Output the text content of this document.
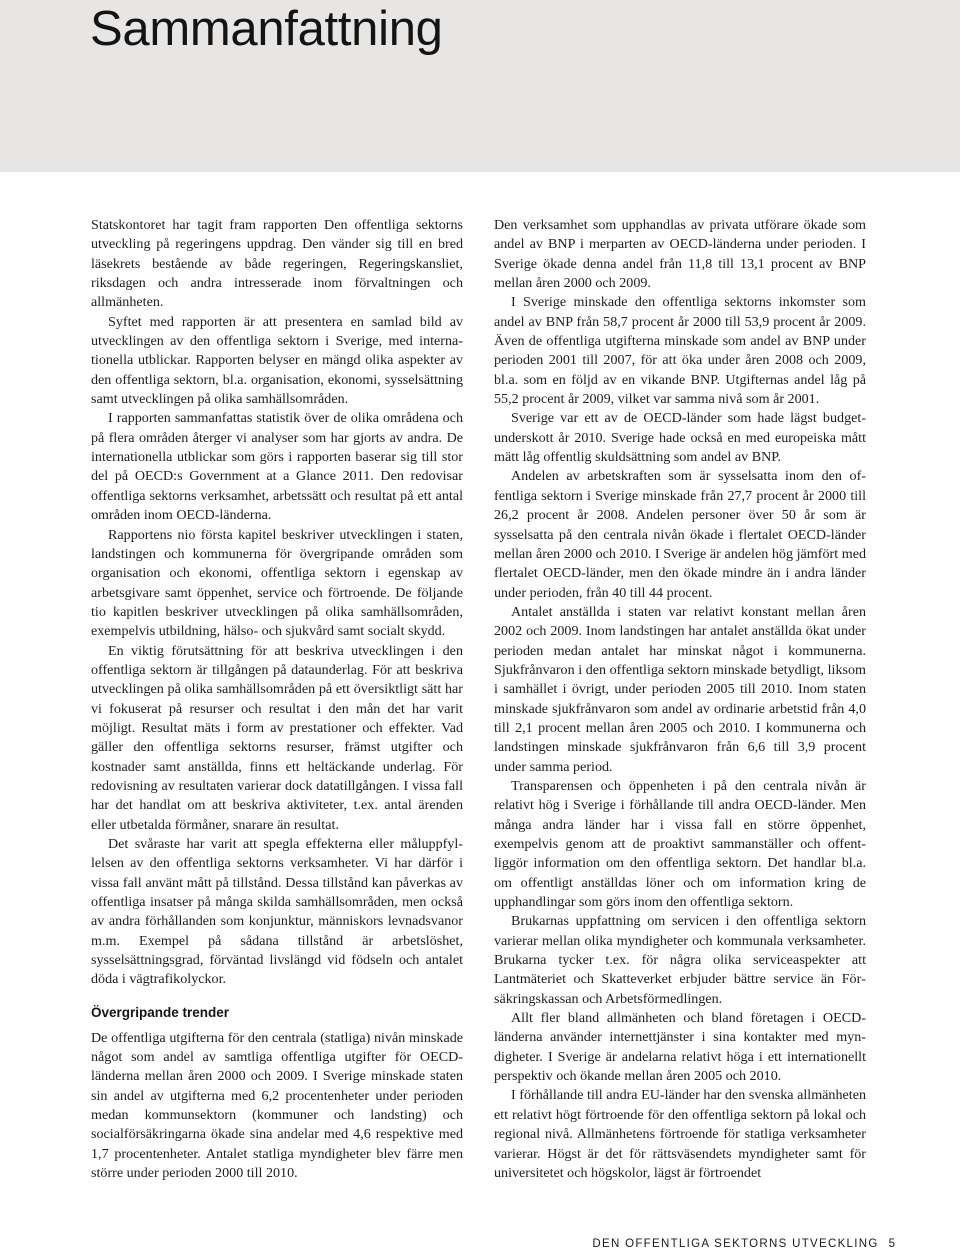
Sammanfattning

Statskontoret har tagit fram rapporten Den offentliga sektorns utveckling på regeringens uppdrag. Den vänder sig till en bred läsekrets bestående av både regeringen, Regeringskansliet, riksdagen och andra intresserade inom förvaltningen och allmänheten.

Syftet med rapporten är att presentera en samlad bild av utvecklingen av den offentliga sektorn i Sverige, med internationella utblickar. Rapporten belyser en mängd olika aspekter av den offentliga sektorn, bl.a. organisation, ekonomi, sysselsättning samt utvecklingen på olika samhällsområden.

I rapporten sammanfattas statistik över de olika områdena och på flera områden återger vi analyser som har gjorts av andra. De internationella utblickar som görs i rapporten baserar sig till stor del på OECD:s Government at a Glance 2011. Den redovisar offentliga sektorns verksamhet, arbetssätt och resultat på ett antal områden inom OECD-länderna.

Rapportens nio första kapitel beskriver utvecklingen i staten, landstingen och kommunerna för övergripande områden som organisation och ekonomi, offentliga sektorn i egenskap av arbetsgivare samt öppenhet, service och förtroende. De följande tio kapitlen beskriver utvecklingen på olika samhällsområden, exempelvis utbildning, hälso- och sjukvård samt socialt skydd.

En viktig förutsättning för att beskriva utvecklingen i den offentliga sektorn är tillgången på dataunderlag. För att beskriva utvecklingen på olika samhällsområden på ett översiktligt sätt har vi fokuserat på resurser och resultat i den mån det har varit möjligt. Resultat mäts i form av prestationer och effekter. Vad gäller den offentliga sektorns resurser, främst utgifter och kostnader samt anställda, finns ett heltäckande underlag. För redovisning av resultaten varierar dock datatillgången. I vissa fall har det handlat om att beskriva aktiviteter, t.ex. antal ärenden eller utbetalda förmåner, snarare än resultat.

Det svåraste har varit att spegla effekterna eller måluppfyllelsen av den offentliga sektorns verksamheter. Vi har därför i vissa fall använt mått på tillstånd. Dessa tillstånd kan påverkas av offentliga insatser på många skilda samhällsområden, men också av andra förhållanden som konjunktur, människors levnadsvanor m.m. Exempel på sådana tillstånd är arbetslöshet, sysselsättningsgrad, förväntad livslängd vid födseln och antalet döda i vägtrafikolyckor.

Övergripande trender

De offentliga utgifterna för den centrala (statliga) nivån minskade något som andel av samtliga offentliga utgifter för OECD-länderna mellan åren 2000 och 2009. I Sverige minskade staten sin andel av utgifterna med 6,2 procentenheter under perioden medan kommunsektorn (kommuner och landsting) och socialförsäkringarna ökade sina andelar med 4,6 respektive med 1,7 procentenheter. Antalet statliga myndigheter blev färre men större under perioden 2000 till 2010.

Den verksamhet som upphandlas av privata utförare ökade som andel av BNP i merparten av OECD-länderna under perioden. I Sverige ökade denna andel från 11,8 till 13,1 procent av BNP mellan åren 2000 och 2009.

I Sverige minskade den offentliga sektorns inkomster som andel av BNP från 58,7 procent år 2000 till 53,9 procent år 2009. Även de offentliga utgifterna minskade som andel av BNP under perioden 2001 till 2007, för att öka under åren 2008 och 2009, bl.a. som en följd av en vikande BNP. Utgifternas andel låg på 55,2 procent år 2009, vilket var samma nivå som år 2001.

Sverige var ett av de OECD-länder som hade lägst budgetunderskott år 2010. Sverige hade också en med europeiska mått mätt låg offentlig skuldsättning som andel av BNP.

Andelen av arbetskraften som är sysselsatta inom den offentliga sektorn i Sverige minskade från 27,7 procent år 2000 till 26,2 procent år 2008. Andelen personer över 50 år som är sysselsatta på den centrala nivån ökade i flertalet OECD-länder mellan åren 2000 och 2010. I Sverige är andelen hög jämfört med flertalet OECD-länder, men den ökade mindre än i andra länder under perioden, från 40 till 44 procent.

Antalet anställda i staten var relativt konstant mellan åren 2002 och 2009. Inom landstingen har antalet anställda ökat under perioden medan antalet har minskat något i kommunerna. Sjukfrånvaron i den offentliga sektorn minskade betydligt, liksom i samhället i övrigt, under perioden 2005 till 2010. Inom staten minskade sjukfrånvaron som andel av ordinarie arbetstid från 4,0 till 2,1 procent mellan åren 2005 och 2010. I kommunerna och landstingen minskade sjukfrånvaron från 6,6 till 3,9 procent under samma period.

Transparensen och öppenheten i på den centrala nivån är relativt hög i Sverige i förhållande till andra OECD-länder. Men många andra länder har i vissa fall en större öppenhet, exempelvis genom att de proaktivt sammanställer och offentliggör information om den offentliga sektorn. Det handlar bl.a. om offentligt anställdas löner och om information kring de upphandlingar som görs inom den offentliga sektorn.

Brukarnas uppfattning om servicen i den offentliga sektorn varierar mellan olika myndigheter och kommunala verksamheter. Brukarna tycker t.ex. för några olika serviceaspekter att Lantmäteriet och Skatteverket erbjuder bättre service än Försäkringskassan och Arbetsförmedlingen.

Allt fler bland allmänheten och bland företagen i OECD-länderna använder internettjänster i sina kontakter med myndigheter. I Sverige är andelarna relativt höga i ett internationellt perspektiv och ökande mellan åren 2005 och 2010.

I förhållande till andra EU-länder har den svenska allmänheten ett relativt högt förtroende för den offentliga sektorn på lokal och regional nivå. Allmänhetens förtroende för statliga verksamheter varierar. Högst är det för rättsväsendets myndigheter samt för universitetet och högskolor, lägst är förtroendet

DEN OFFENTLIGA SEKTORNS UTVECKLING 5
